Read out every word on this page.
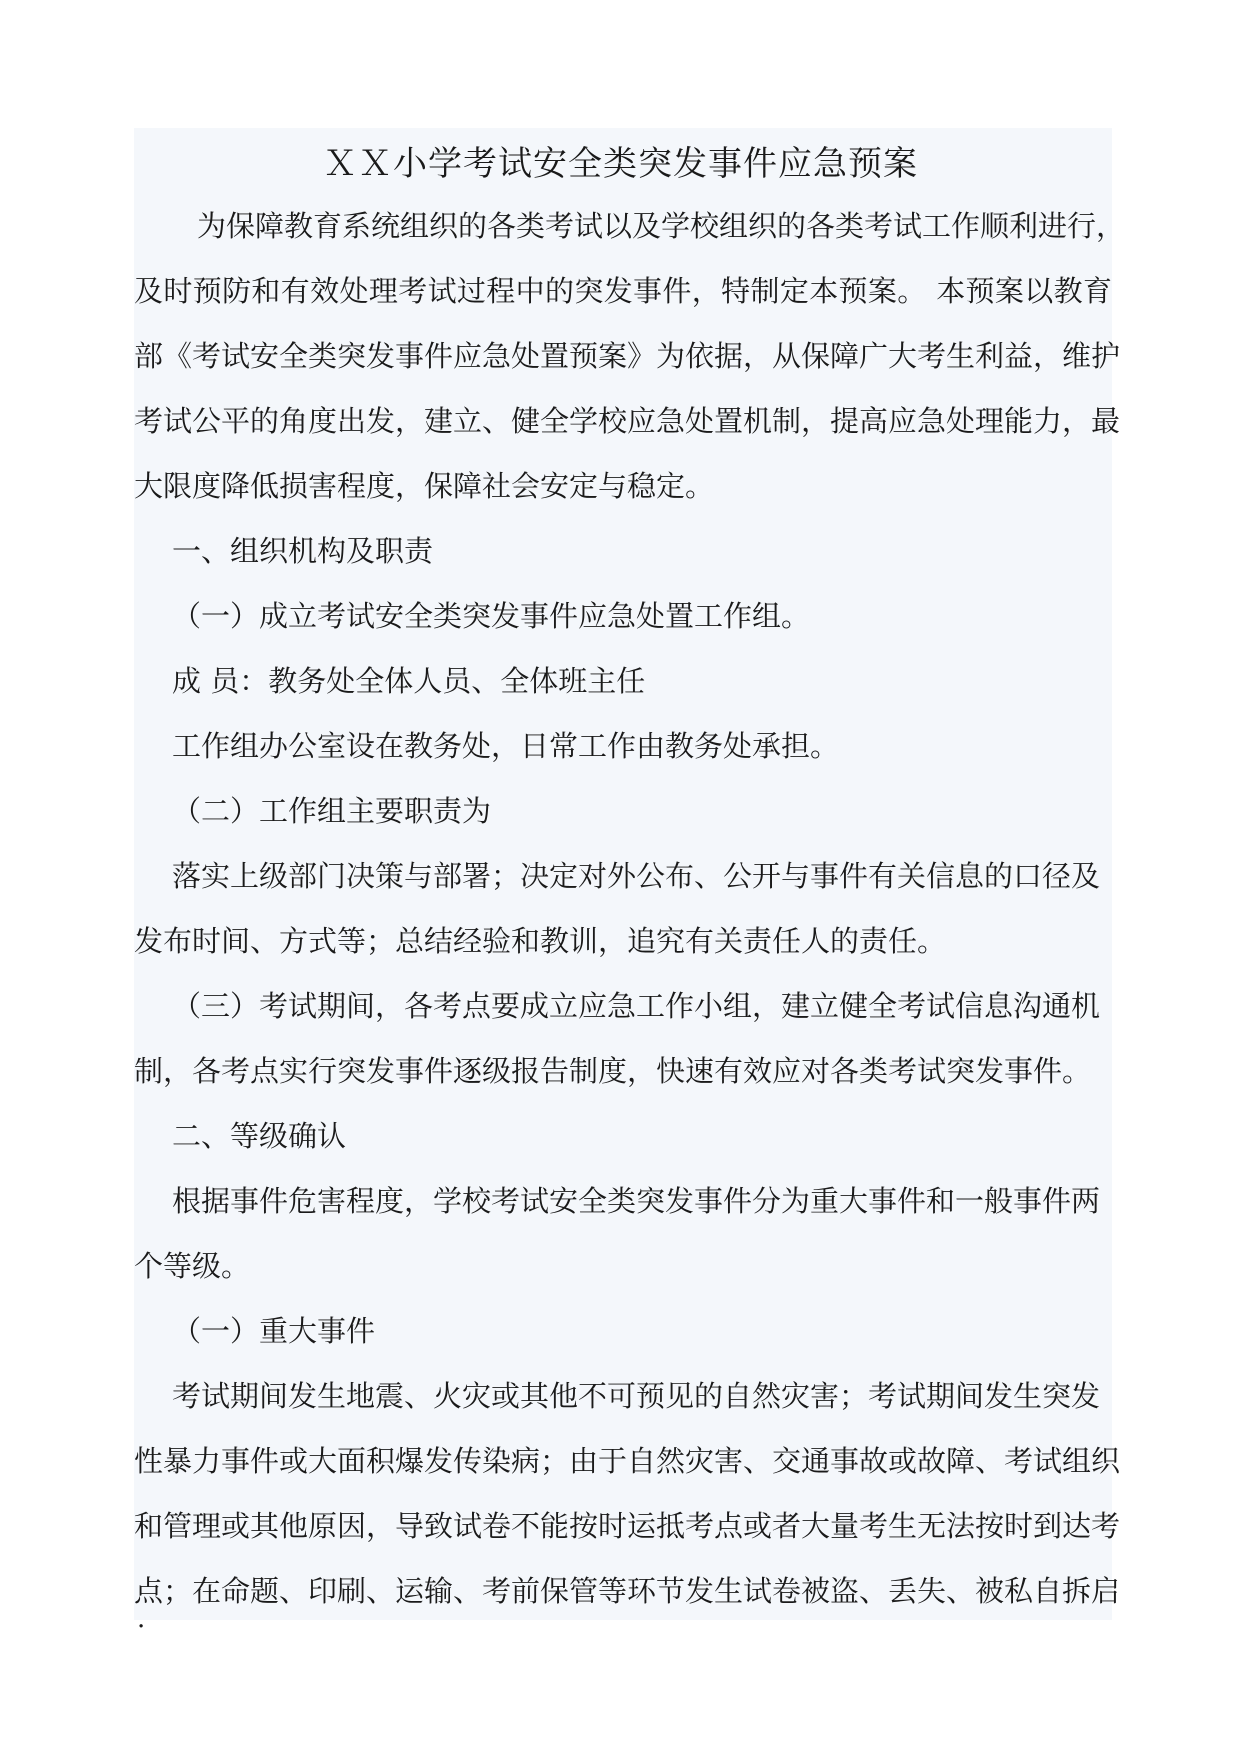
ＸＸ小学考试安全类突发事件应急预案
为保障教育系统组织的各类考试以及学校组织的各类考试工作顺利进行，
及时预防和有效处理考试过程中的突发事件，特制定本预案。 本预案以教育
部《考试安全类突发事件应急处置预案》为依据，从保障广大考生利益，维护
考试公平的角度出发，建立、健全学校应急处置机制，提高应急处理能力，最
大限度降低损害程度，保障社会安定与稳定。
一、组织机构及职责
（一）成立考试安全类突发事件应急处置工作组。
成 员：教务处全体人员、全体班主任
工作组办公室设在教务处，日常工作由教务处承担。
（二）工作组主要职责为
落实上级部门决策与部署；决定对外公布、公开与事件有关信息的口径及
发布时间、方式等；总结经验和教训，追究有关责任人的责任。
（三）考试期间，各考点要成立应急工作小组，建立健全考试信息沟通机
制，各考点实行突发事件逐级报告制度，快速有效应对各类考试突发事件。
二、等级确认
根据事件危害程度，学校考试安全类突发事件分为重大事件和一般事件两
个等级。
（一）重大事件
考试期间发生地震、火灾或其他不可预见的自然灾害；考试期间发生突发
性暴力事件或大面积爆发传染病；由于自然灾害、交通事故或故障、考试组织
和管理或其他原因，导致试卷不能按时运抵考点或者大量考生无法按时到达考
点；在命题、印刷、运输、考前保管等环节发生试卷被盗、丢失、被私自拆启
·
